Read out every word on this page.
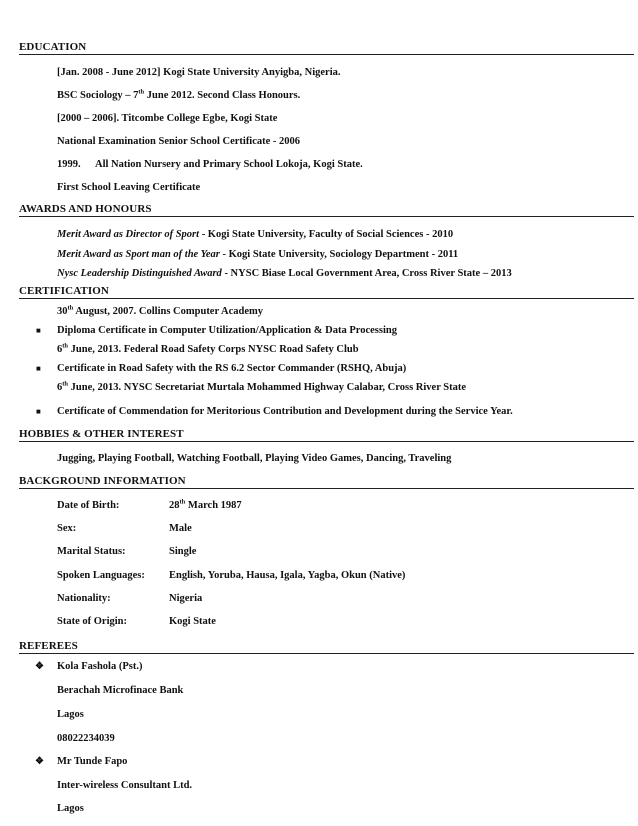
EDUCATION
[Jan. 2008 - June 2012] Kogi State University Anyigba, Nigeria.
BSC Sociology – 7th June 2012. Second Class Honours.
[2000 – 2006]. Titcombe College Egbe, Kogi State
National Examination Senior School Certificate - 2006
1999. All Nation Nursery and Primary School Lokoja, Kogi State.
First School Leaving Certificate
AWARDS AND HONOURS
Merit Award as Director of Sport - Kogi State University, Faculty of Social Sciences - 2010
Merit Award as Sport man of the Year - Kogi State University, Sociology Department - 2011
Nysc Leadership Distinguished Award - NYSC Biase Local Government Area, Cross River State – 2013
CERTIFICATION
30th August, 2007. Collins Computer Academy
■ Diploma Certificate in Computer Utilization/Application & Data Processing
6th June, 2013. Federal Road Safety Corps NYSC Road Safety Club
■ Certificate in Road Safety with the RS 6.2 Sector Commander (RSHQ, Abuja)
6th June, 2013. NYSC Secretariat Murtala Mohammed Highway Calabar, Cross River State
■ Certificate of Commendation for Meritorious Contribution and Development during the Service Year.
HOBBIES & OTHER INTEREST
Jugging, Playing Football, Watching Football, Playing Video Games, Dancing, Traveling
BACKGROUND INFORMATION
Date of Birth:	28th March 1987
Sex:	Male
Marital Status:	Single
Spoken Languages: English, Yoruba, Hausa, Igala, Yagba, Okun (Native)
Nationality:	Nigeria
State of Origin:	Kogi State
REFEREES
❖ Kola Fashola (Pst.)
Berachah Microfinace Bank
Lagos
08022234039
❖ Mr Tunde Fapo
Inter-wireless Consultant Ltd.
Lagos
